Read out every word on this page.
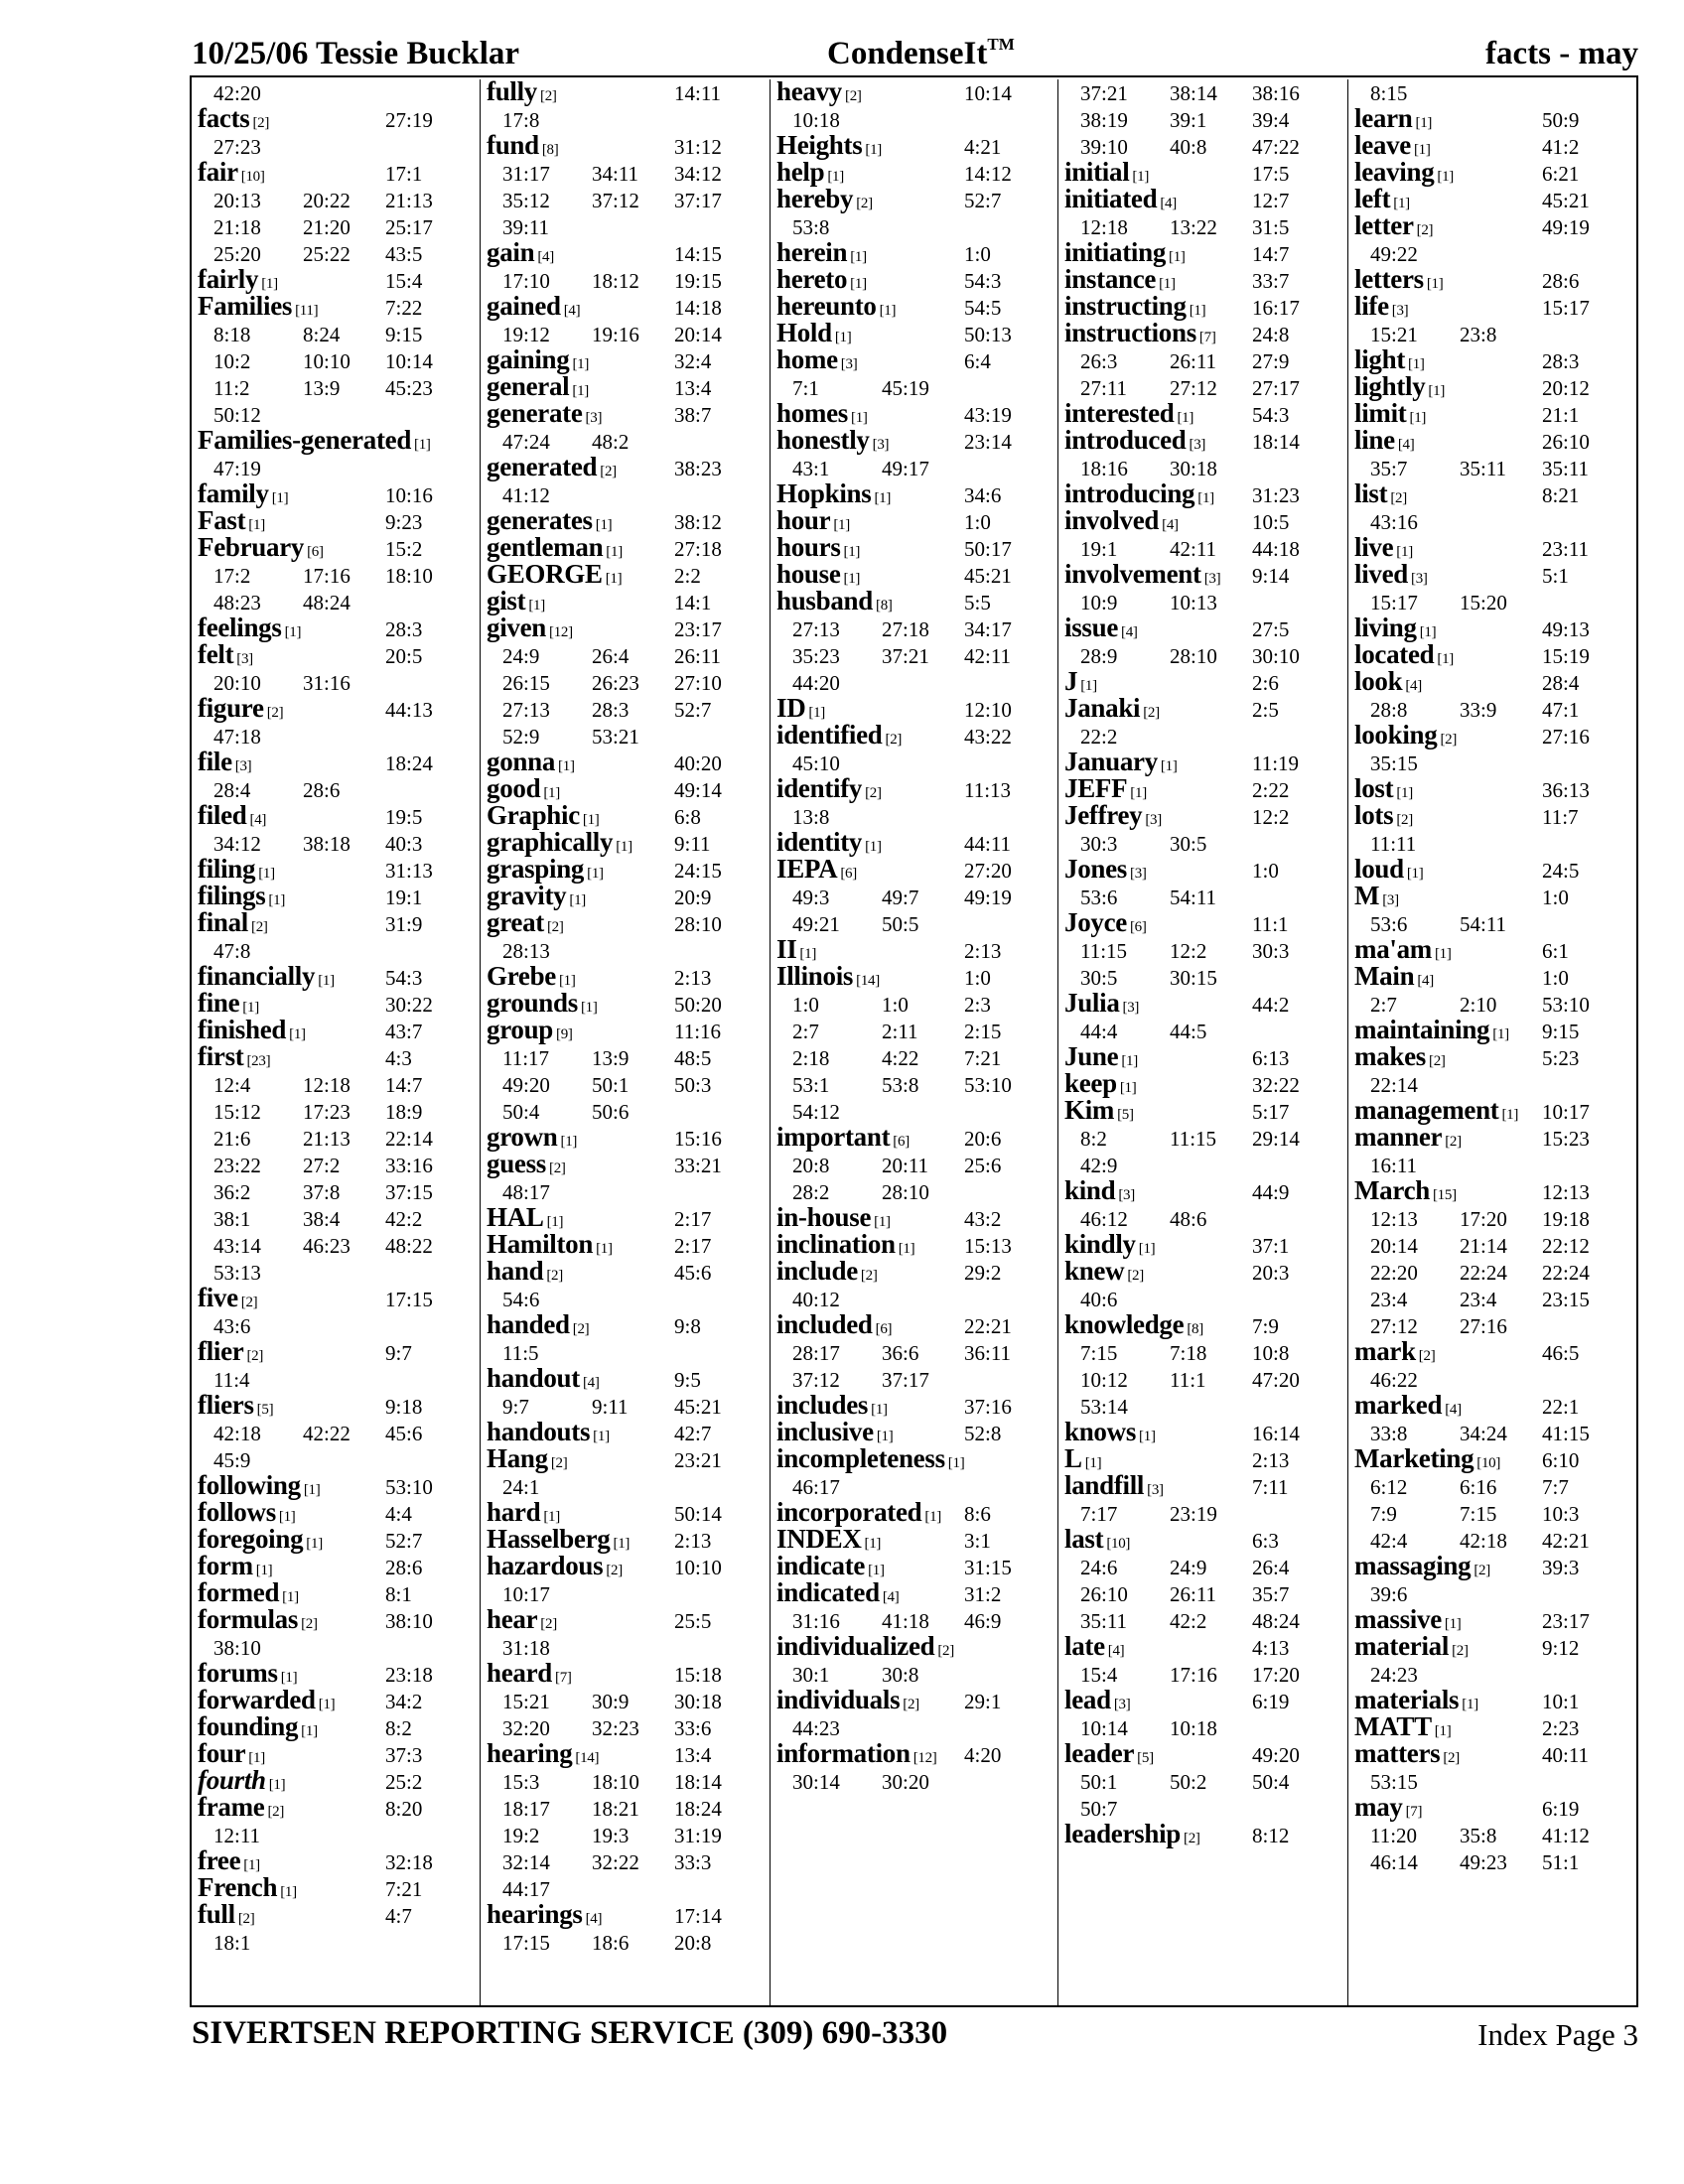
10/25/06 Tessie Bucklar	CondenseIt™	facts - may
42:20
facts [2]	27:19
27:23
fair [10]	17:1
20:13 20:22 21:13
21:18 21:20 25:17
25:20 25:22 43:5
fairly [1]	15:4
Families [11]	7:22
8:18	8:24 9:15
10:2	10:10 10:14
11:2	13:9 45:23
50:12
Families-generated [1]
47:19
family [1]	10:16
Fast [1]	9:23
February [6]	15:2
17:2	17:16 18:10
48:23 48:24
feelings [1]	28:3
felt [3]	20:5
20:10 31:16
figure [2]	44:13
47:18
file [3]	18:24
28:4	28:6
filed [4]	19:5
34:12 38:18 40:3
filing [1]	31:13
filings [1]	19:1
final [2]	31:9
47:8
financially [1] 54:3
fine [1]	30:22
finished [1]	43:7
first [23]	4:3
12:4	12:18 14:7
15:12 17:23 18:9
21:6	21:13 22:14
23:22 27:2 33:16
36:2	37:8 37:15
38:1	38:4 42:2
43:14 46:23 48:22
53:13
five [2]	17:15
43:6
flier [2]	9:7
11:4
fliers [5]	9:18
42:18 42:22 45:6
45:9
following [1]	53:10
follows [1]	4:4
foregoing [1]	52:7
form [1]	28:6
formed [1]	8:1
formulas [2]	38:10
38:10
forums [1]	23:18
forwarded [1] 34:2
founding [1]	8:2
four [1]	37:3
fourth [1]	25:2
frame [2]	8:20
12:11
free [1]	32:18
French [1]	7:21
full [2]	4:7
18:1
fully [2]	14:11
17:8
fund [8]	31:12
31:17 34:11 34:12
35:12 37:12 37:17
39:11
gain [4]	14:15
17:10 18:12 19:15
gained [4]	14:18
19:12 19:16 20:14
gaining [1]	32:4
general [1]	13:4
generate [3]	38:7
47:24 48:2
generated [2]	38:23
41:12
generates [1]	38:12
gentleman [1] 27:18
GEORGE [1]	2:2
gist [1]	14:1
given [12]	23:17
24:9	26:4 26:11
26:15 26:23 27:10
27:13 28:3 52:7
52:9	53:21
gonna [1]	40:20
good [1]	49:14
Graphic [1]	6:8
graphically [1] 9:11
grasping [1]	24:15
gravity [1]	20:9
great [2]	28:10
28:13
Grebe [1]	2:13
grounds [1]	50:20
group [9]	11:16
11:17 13:9 48:5
49:20 50:1 50:3
50:4	50:6
grown [1]	15:16
guess [2]	33:21
48:17
HAL [1]	2:17
Hamilton [1]	2:17
hand [2]	45:6
54:6
handed [2]	9:8
11:5
handout [4]	9:5
9:7	9:11 45:21
handouts [1]	42:7
Hang [2]	23:21
24:1
hard [1]	50:14
Hasselberg [1] 2:13
hazardous [2] 10:10
10:17
hear [2]	25:5
31:18
heard [7]	15:18
15:21 30:9 30:18
32:20 32:23 33:6
hearing [14]	13:4
15:3	18:10 18:14
18:17 18:21 18:24
19:2	19:3 31:19
32:14 32:22 33:3
44:17
hearings [4]	17:14
17:15 18:6 20:8
heavy [2]	10:14
10:18
Heights [1]	4:21
help [1]	14:12
hereby [2]	52:7
53:8
herein [1]	1:0
hereto [1]	54:3
hereunto [1]	54:5
Hold [1]	50:13
home [3]	6:4
7:1	45:19
homes [1]	43:19
honestly [3]	23:14
43:1	49:17
Hopkins [1]	34:6
hour [1]	1:0
hours [1]	50:17
house [1]	45:21
husband [8]	5:5
27:13 27:18 34:17
35:23 37:21 42:11
44:20
ID [1]	12:10
identified [2]	43:22
45:10
identify [2]	11:13
13:8
identity [1]	44:11
IEPA [6]	27:20
49:3	49:7 49:19
49:21 50:5
II [1]	2:13
Illinois [14]	1:0
1:0	1:0	2:3
2:7	2:11 2:15
2:18	4:22 7:21
53:1	53:8 53:10
54:12
important [6]	20:6
20:8	20:11 25:6
28:2	28:10
in-house [1]	43:2
inclination [1] 15:13
include [2]	29:2
40:12
included [6]	22:21
28:17 36:6 36:11
37:12 37:17
includes [1]	37:16
inclusive [1]	52:8
incompleteness [1]
46:17
incorporated [1] 8:6
INDEX [1]	3:1
indicate [1]	31:15
indicated [4]	31:2
31:16 41:18 46:9
individualized [2]
30:1	30:8
individuals [2] 29:1
44:23
information [12] 4:20
30:14 30:20
37:21 38:14 38:16
38:19 39:1 39:4
39:10 40:8 47:22
initial [1]	17:5
initiated [4]	12:7
12:18 13:22 31:5
initiating [1]	14:7
instance [1]	33:7
instructing [1] 16:17
instructions [7] 24:8
26:3	26:11 27:9
27:11 27:12 27:17
interested [1]	54:3
introduced [3] 18:14
18:16 30:18
introducing [1] 31:23
involved [4]	10:5
19:1	42:11 44:18
involvement [3] 9:14
10:9	10:13
issue [4]	27:5
28:9	28:10 30:10
J [1]	2:6
Janaki [2]	2:5
22:2
January [1]	11:19
JEFF [1]	2:22
Jeffrey [3]	12:2
30:3	30:5
Jones [3]	1:0
53:6	54:11
Joyce [6]	11:1
11:15 12:2 30:3
30:5	30:15
Julia [3]	44:2
44:4	44:5
June [1]	6:13
keep [1]	32:22
Kim [5]	5:17
8:2	11:15 29:14
42:9
kind [3]	44:9
46:12 48:6
kindly [1]	37:1
knew [2]	20:3
40:6
knowledge [8] 7:9
7:15	7:18 10:8
10:12 11:1 47:20
53:14
knows [1]	16:14
L [1]	2:13
landfill [3]	7:11
7:17	23:19
last [10]	6:3
24:6	24:9 26:4
26:10 26:11 35:7
35:11 42:2 48:24
late [4]	4:13
15:4	17:16 17:20
lead [3]	6:19
10:14 10:18
leader [5]	49:20
50:1	50:2 50:4
50:7
leadership [2] 8:12
8:15
learn [1]	50:9
leave [1]	41:2
leaving [1]	6:21
left [1]	45:21
letter [2]	49:19
49:22
letters [1]	28:6
life [3]	15:17
15:21 23:8
light [1]	28:3
lightly [1]	20:12
limit [1]	21:1
line [4]	26:10
35:7	35:11 35:11
list [2]	8:21
43:16
live [1]	23:11
lived [3]	5:1
15:17 15:20
living [1]	49:13
located [1]	15:19
look [4]	28:4
28:8	33:9 47:1
looking [2]	27:16
35:15
lost [1]	36:13
lots [2]	11:7
11:11
loud [1]	24:5
M [3]	1:0
53:6	54:11
ma'am [1]	6:1
Main [4]	1:0
2:7	2:10 53:10
maintaining [1] 9:15
makes [2]	5:23
22:14
management [1] 10:17
manner [2]	15:23
16:11
March [15]	12:13
12:13 17:20 19:18
20:14 21:14 22:12
22:20 22:24 22:24
23:4	23:4 23:15
27:12 27:16
mark [2]	46:5
46:22
marked [4]	22:1
33:8	34:24 41:15
Marketing [10] 6:10
6:12	6:16 7:7
7:9	7:15 10:3
42:4	42:18 42:21
massaging [2] 39:3
39:6
massive [1]	23:17
material [2]	9:12
24:23
materials [1]	10:1
MATT [1]	2:23
matters [2]	40:11
53:15
may [7]	6:19
11:20 35:8 41:12
46:14 49:23 51:1
SIVERTSEN REPORTING SERVICE (309) 690-3330	Index Page 3
